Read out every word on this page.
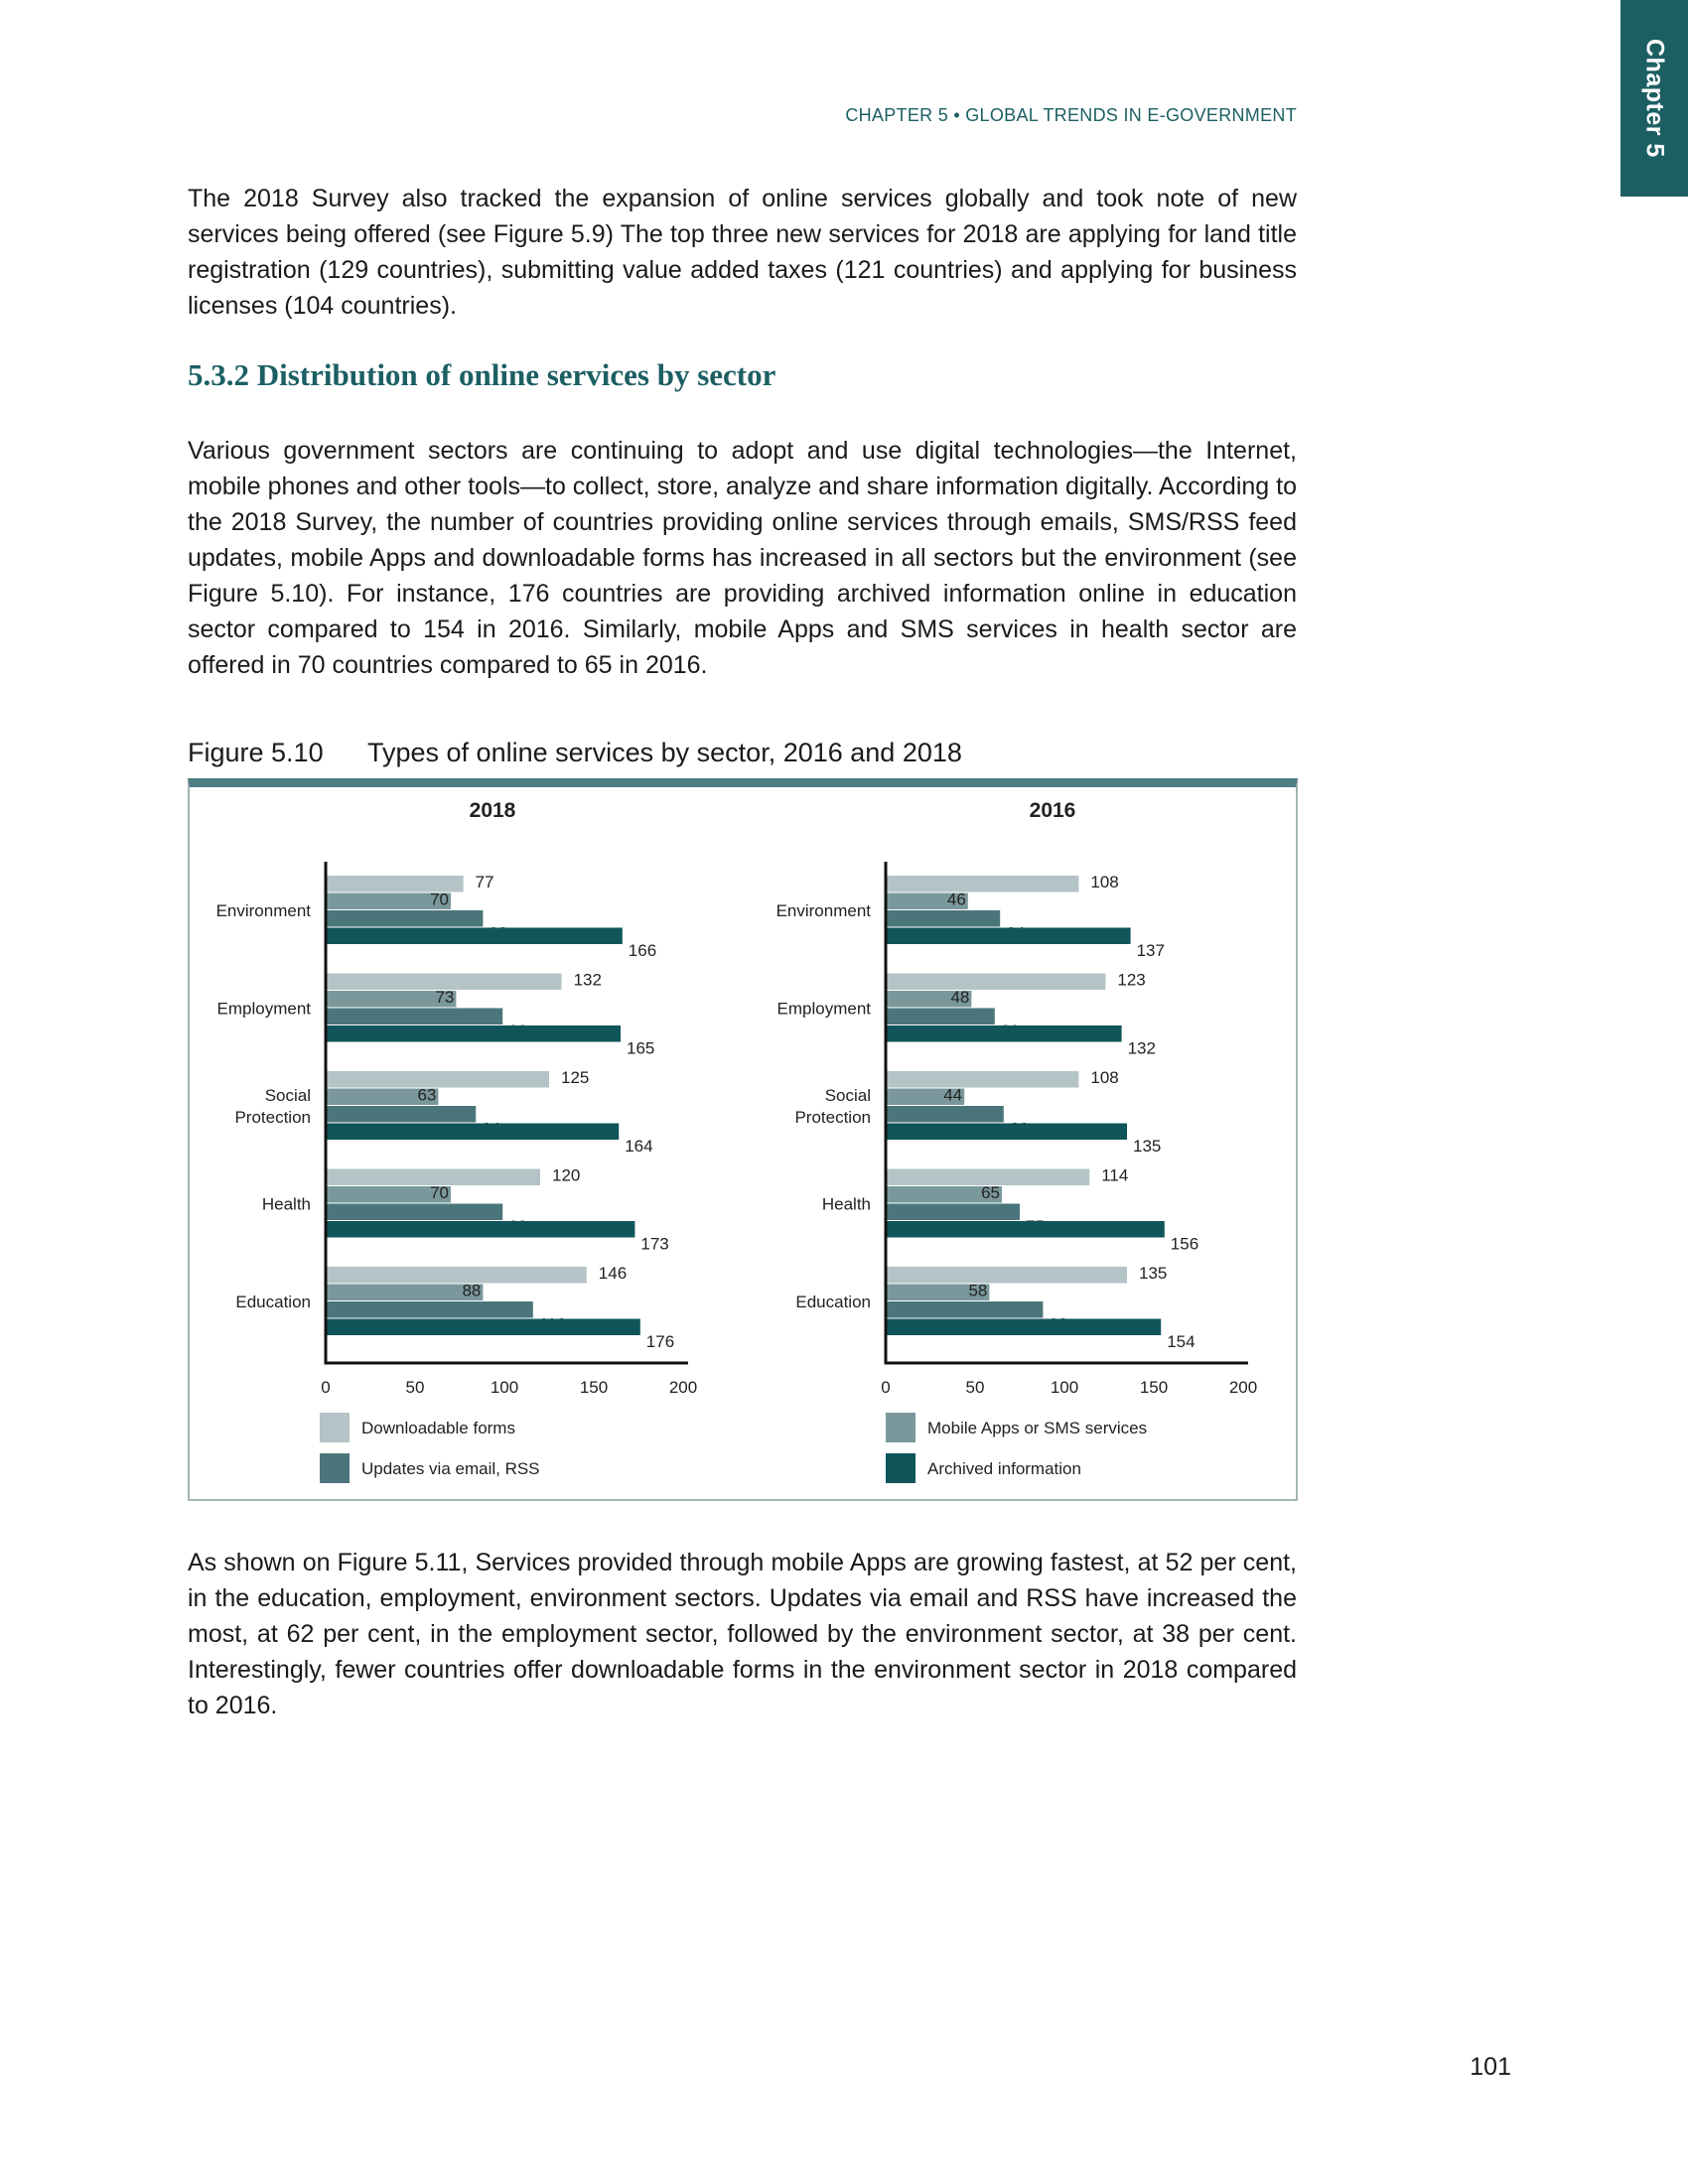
Chapter 5
CHAPTER 5 • GLOBAL TRENDS IN E-GOVERNMENT

The 2018 Survey also tracked the expansion of online services globally and took note of new services being offered (see Figure 5.9) The top three new services for 2018 are applying for land title registration (129 countries), submitting value added taxes (121 countries) and applying for business licenses (104 countries).

5.3.2 Distribution of online services by sector

Various government sectors are continuing to adopt and use digital technologies—the Internet, mobile phones and other tools—to collect, store, analyze and share information digitally. According to the 2018 Survey, the number of countries providing online services through emails, SMS/RSS feed updates, mobile Apps and downloadable forms has increased in all sectors but the environment (see Figure 5.10). For instance, 176 countries are providing archived information online in education sector compared to 154 in 2016. Similarly, mobile Apps and SMS services in health sector are offered in 70 countries compared to 65 in 2016.

Figure 5.10 Types of online services by sector, 2016 and 2018
2018
Environment
77
70
166
Employment
132
73
165
Social
Protection
125
63
164
Health
120
70
173
Education
146
88
176
0	50	100	150	200
2016
Environment
108
46
137
Employment
123
48
132
Social
Protection
108
44
135
Health
114
65
156
Education
135
58
154
0	50	100	150	200
Downloadable forms	Mobile Apps or SMS services
Updates via email, RSS	Archived information

As shown on Figure 5.11, Services provided through mobile Apps are growing fastest, at 52 per cent, in the education, employment, environment sectors. Updates via email and RSS have increased the most, at 62 per cent, in the employment sector, followed by the environment sector, at 38 per cent. Interestingly, fewer countries offer downloadable forms in the environment sector in 2018 compared to 2016.

101
